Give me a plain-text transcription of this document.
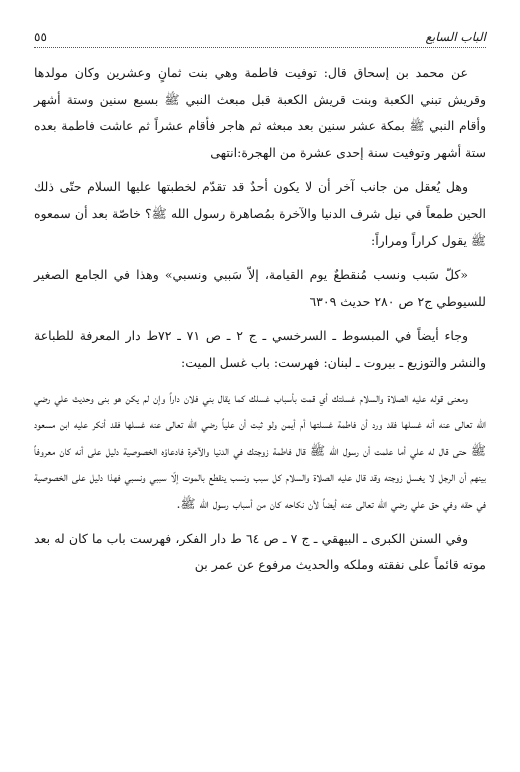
الباب السابع
٥٥

عن محمد بن إسحاق قال: توفيت فاطمة وهي بنت ثمانٍ وعشرين وكان مولدها وقريش تبني الكعبة وبنت قريش الكعبة قبل مبعث النبي ﷺ بسبع سنين وستة أشهر وأقام النبي ﷺ بمكة عشر سنين بعد مبعثه ثم هاجر فأقام عشراً ثم عاشت فاطمة بعده ستة أشهر وتوفيت سنة إحدى عشرة من الهجرة:انتهى

وهل يُعقل من جانب آخر أن لا يكون أحدٌ قد تقدّم لخطبتها عليها السلام حتّى ذلك الحين طمعاً في نيل شرف الدنيا والآخرة بمُصاهرة رسول الله ﷺ؟ خاصّة بعد أن سمعوه ﷺ يقول كراراً ومراراً:

«كلّ سَبب ونسب مُنقطعٌ يوم القيامة، إلاّ سَببي ونسبي» وهذا في الجامع الصغير للسيوطي ج٢ ص ٢٨٠ حديث ٦٣٠٩

وجاء أيضاً في المبسوط ـ السرخسي ـ ج ٢ ـ ص ٧١ ـ ٧٢ط دار المعرفة للطباعة والنشر والتوزيع ـ بيروت ـ لبنان: فهرست: باب غسل الميت:

ومعنى قوله عليه الصلاة والسلام غسلتك أي قمت بأسباب غسلك كما يقال بني فلان داراً وإن لم يكن هو بنى وحديث علي رضي الله تعالى عنه أنه غسلها فقد ورد أن فاطمة غسلتها أم أيمن ولو ثبت أن علياً رضي الله تعالى عنه غسلها فقد أنكر عليه ابن مسعود ﷺ حتى قال له علي أما علمت أن رسول الله ﷺ قال فاطمة زوجتك في الدنيا والآخرة فادعاؤه الخصوصية دليل على أنه كان معروفاً بينهم أن الرجل لا يغسل زوجته وقد قال عليه الصلاة والسلام كل سبب ونسب ينقطع بالموت إلّا سببي ونسبي فهذا دليل على الخصوصية في حقه وفي حق علي رضي الله تعالى عنه أيضاً لأن نكاحه كان من أسباب رسول الله ﷺ.

وفي السنن الكبرى ـ البيهقي ـ ج ٧ ـ ص ٦٤ ط دار الفكر، فهرست باب ما كان له بعد موته قائماً على نفقته وملكه والحديث مرفوع عن عمر بن
